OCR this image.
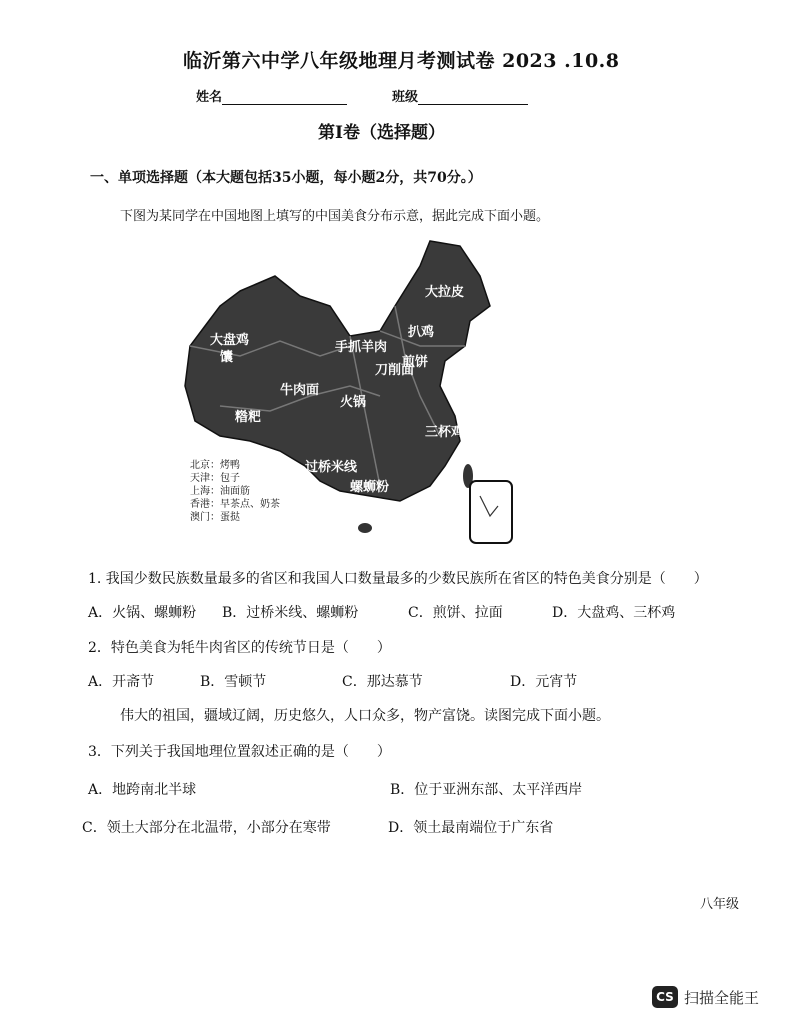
临沂第六中学八年级地理月考测试卷 2023 .10.8
姓名	班级
第Ⅰ卷（选择题）
一、单项选择题（本大题包括35小题，每小题2分，共70分。）
下图为某同学在中国地图上填写的中国美食分布示意，据此完成下面小题。
大盘鸡
馕
牛肉面
手抓羊肉
糌粑
火锅
煎饼
过桥米线
螺蛳粉
三杯鸡
大拉皮
扒鸡
刀削面
北京：烤鸭
天津：包子
上海：油面筋
香港：早茶点、奶茶
澳门：蛋挞
1. 我国少数民族数量最多的省区和我国人口数量最多的少数民族所在省区的特色美食分别是（　　）
A．火锅、螺蛳粉 B．过桥米线、螺蛳粉	C．煎饼、拉面	D．大盘鸡、三杯鸡
2．特色美食为牦牛肉省区的传统节日是（　　）
A．开斋节	B．雪顿节	C．那达慕节	D．元宵节
伟大的祖国，疆域辽阔，历史悠久，人口众多，物产富饶。读图完成下面小题。
3．下列关于我国地理位置叙述正确的是（　　）
A．地跨南北半球	B．位于亚洲东部、太平洋西岸
C．领土大部分在北温带，小部分在寒带	D．领土最南端位于广东省
八年级
CS 扫描全能王
